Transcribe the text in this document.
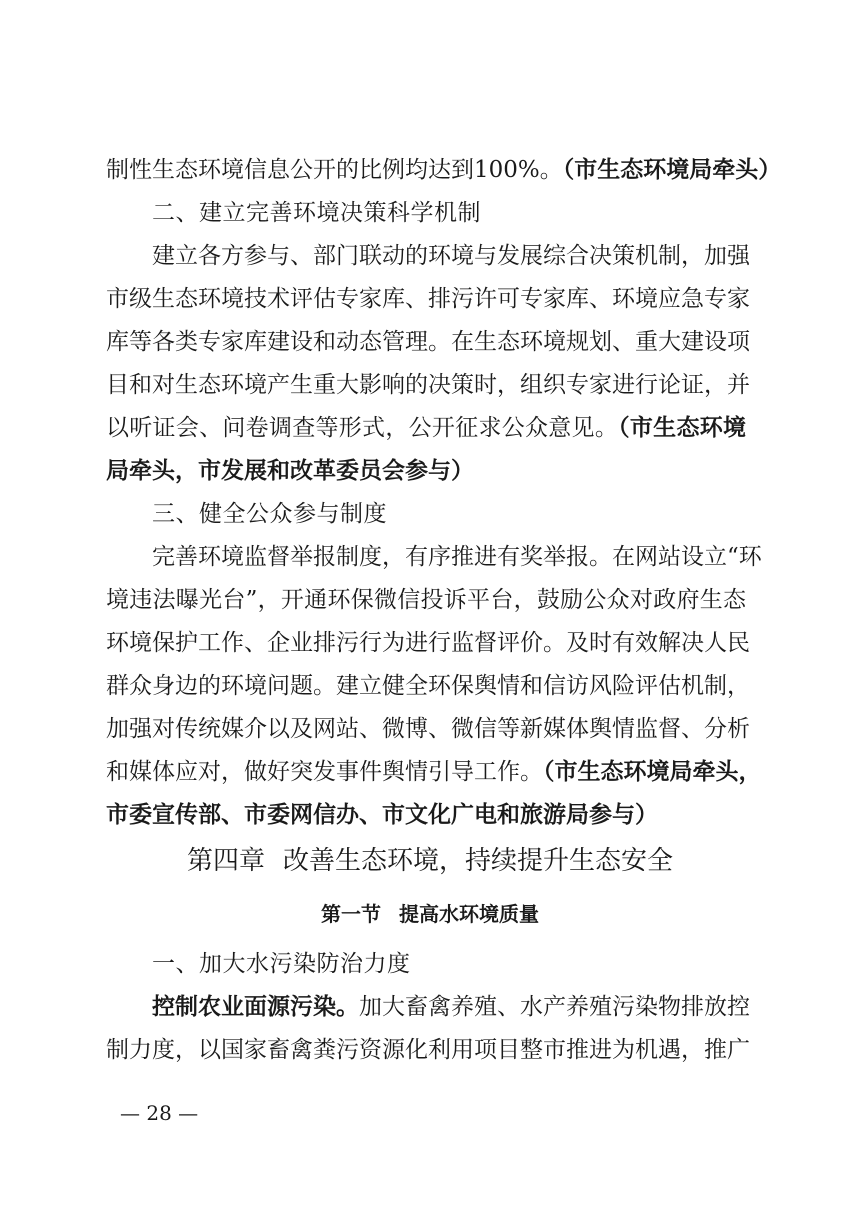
制性生态环境信息公开的比例均达到100%。（市生态环境局牵头）
二、建立完善环境决策科学机制
建立各方参与、部门联动的环境与发展综合决策机制，加强
市级生态环境技术评估专家库、排污许可专家库、环境应急专家
库等各类专家库建设和动态管理。在生态环境规划、重大建设项
目和对生态环境产生重大影响的决策时，组织专家进行论证，并
以听证会、问卷调查等形式，公开征求公众意见。（市生态环境
局牵头，市发展和改革委员会参与）
三、健全公众参与制度
完善环境监督举报制度，有序推进有奖举报。在网站设立“环
境违法曝光台”，开通环保微信投诉平台，鼓励公众对政府生态
环境保护工作、企业排污行为进行监督评价。及时有效解决人民
群众身边的环境问题。建立健全环保舆情和信访风险评估机制，
加强对传统媒介以及网站、微博、微信等新媒体舆情监督、分析
和媒体应对，做好突发事件舆情引导工作。（市生态环境局牵头，
市委宣传部、市委网信办、市文化广电和旅游局参与）
第四章 改善生态环境，持续提升生态安全
第一节 提高水环境质量
一、加大水污染防治力度
控制农业面源污染。加大畜禽养殖、水产养殖污染物排放控
制力度，以国家畜禽粪污资源化利用项目整市推进为机遇，推广
— 28 —
